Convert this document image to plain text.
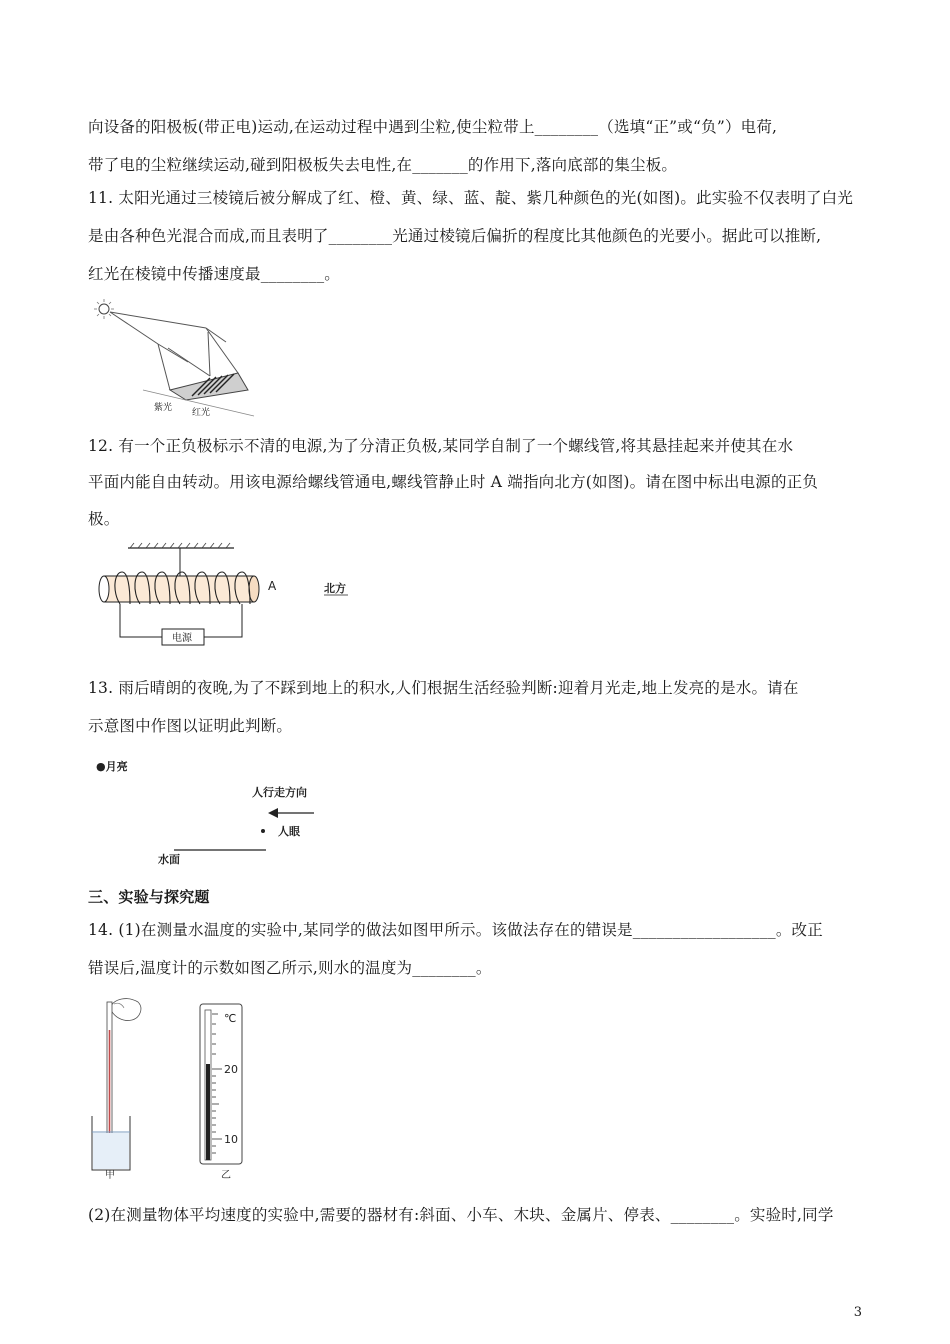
向设备的阳极板(带正电)运动,在运动过程中遇到尘粒,使尘粒带上________（选填“正”或“负”）电荷,
带了电的尘粒继续运动,碰到阳极板失去电性,在_______的作用下,落向底部的集尘板。
11. 太阳光通过三棱镜后被分解成了红、橙、黄、绿、蓝、靛、紫几种颜色的光(如图)。此实验不仅表明了白光
是由各种色光混合而成,而且表明了________光通过棱镜后偏折的程度比其他颜色的光要小。据此可以推断,
红光在棱镜中传播速度最________。
紫光 红光
12. 有一个正负极标示不清的电源,为了分清正负极,某同学自制了一个螺线管,将其悬挂起来并使其在水
平面内能自由转动。用该电源给螺线管通电,螺线管静止时 A 端指向北方(如图)。请在图中标出电源的正负
极。
电源
A	北方
13. 雨后晴朗的夜晚,为了不踩到地上的积水,人们根据生活经验判断:迎着月光走,地上发亮的是水。请在
示意图中作图以证明此判断。
●月亮
人行走方向
人眼
水面
三、实验与探究题
14. (1)在测量水温度的实验中,某同学的做法如图甲所示。该做法存在的错误是__________________。改正
错误后,温度计的示数如图乙所示,则水的温度为________。
甲
℃
20
10
乙
(2)在测量物体平均速度的实验中,需要的器材有:斜面、小车、木块、金属片、停表、________。实验时,同学
3
